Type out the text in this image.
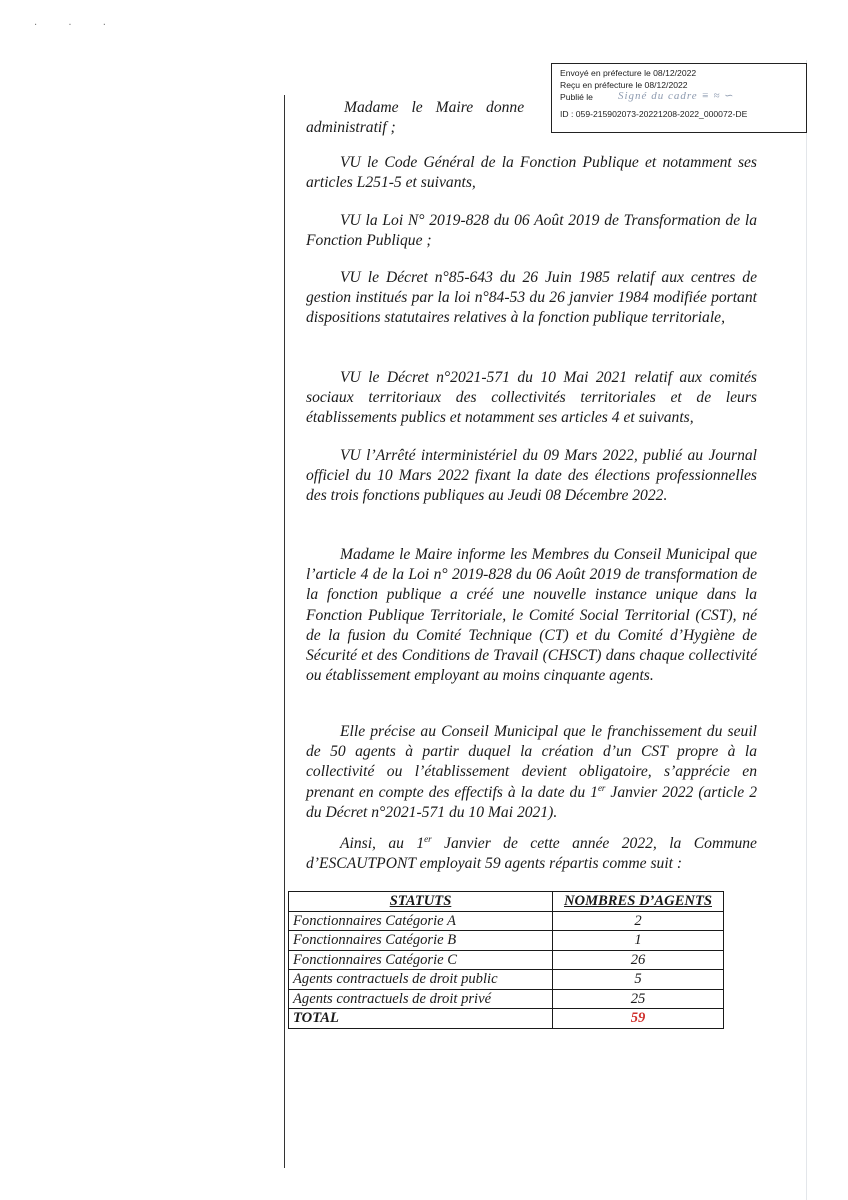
· · ·
Envoyé en préfecture le 08/12/2022
Reçu en préfecture le 08/12/2022
Publié le Signé du cadre ≡ ≈ ∽
ID : 059-215902073-20221208-2022_000072-DE

Madame le Maire donne
administratif ;

VU le Code Général de la Fonction Publique et notamment ses articles L251-5 et suivants,

VU la Loi N° 2019-828 du 06 Août 2019 de Transformation de la Fonction Publique ;

VU le Décret n°85-643 du 26 Juin 1985 relatif aux centres de gestion institués par la loi n°84-53 du 26 janvier 1984 modifiée portant dispositions statutaires relatives à la fonction publique territoriale,

VU le Décret n°2021-571 du 10 Mai 2021 relatif aux comités sociaux territoriaux des collectivités territoriales et de leurs établissements publics et notamment ses articles 4 et suivants,

VU l’Arrêté interministériel du 09 Mars 2022, publié au Journal officiel du 10 Mars 2022 fixant la date des élections professionnelles des trois fonctions publiques au Jeudi 08 Décembre 2022.

Madame le Maire informe les Membres du Conseil Municipal que l’article 4 de la Loi n° 2019-828 du 06 Août 2019 de transformation de la fonction publique a créé une nouvelle instance unique dans la Fonction Publique Territoriale, le Comité Social Territorial (CST), né de la fusion du Comité Technique (CT) et du Comité d’Hygiène de Sécurité et des Conditions de Travail (CHSCT) dans chaque collectivité ou établissement employant au moins cinquante agents.

Elle précise au Conseil Municipal que le franchissement du seuil de 50 agents à partir duquel la création d’un CST propre à la collectivité ou l’établissement devient obligatoire, s’apprécie en prenant en compte des effectifs à la date du 1er Janvier 2022 (article 2 du Décret n°2021-571 du 10 Mai 2021).

Ainsi, au 1er Janvier de cette année 2022, la Commune d’ESCAUTPONT employait 59 agents répartis comme suit :

STATUTS	NOMBRES D’AGENTS
Fonctionnaires Catégorie A	2
Fonctionnaires Catégorie B	1
Fonctionnaires Catégorie C	26
Agents contractuels de droit public	5
Agents contractuels de droit privé	25
TOTAL	59
